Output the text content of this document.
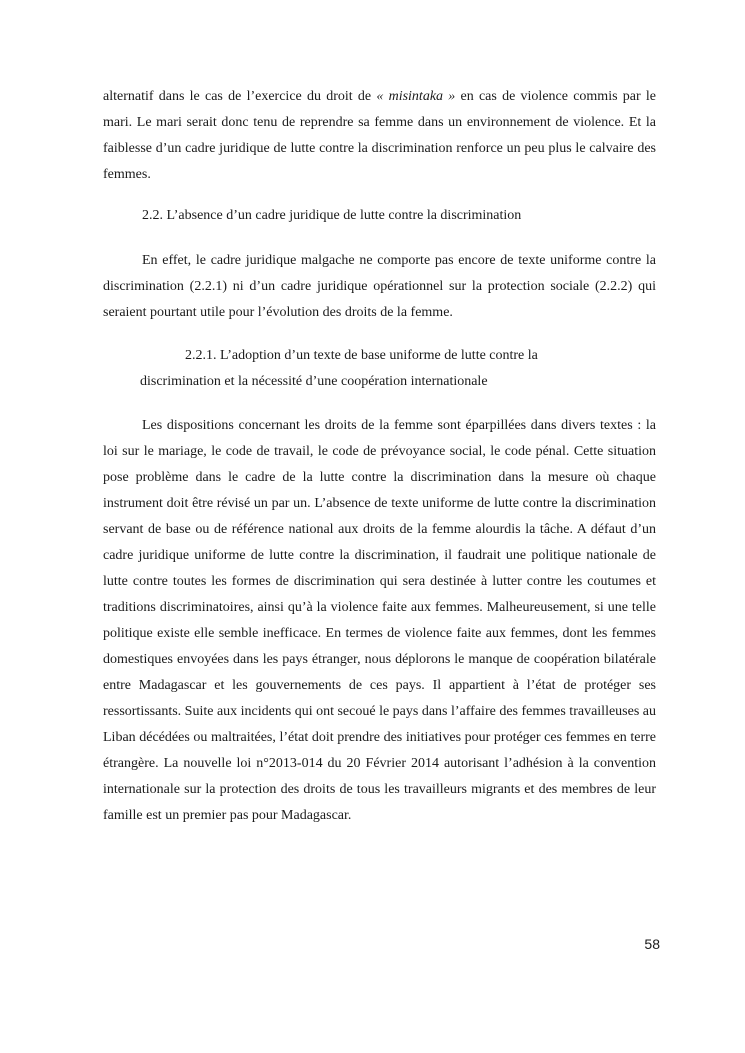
alternatif dans le cas de l’exercice du droit de « misintaka » en cas de violence commis par le mari. Le mari serait donc tenu de reprendre sa femme dans un environnement de violence. Et la faiblesse d’un cadre juridique de lutte contre la discrimination renforce un peu plus le calvaire des femmes.

2.2. L’absence d’un cadre juridique de lutte contre la discrimination

En effet, le cadre juridique malgache ne comporte pas encore de texte uniforme contre la discrimination (2.2.1) ni d’un cadre juridique opérationnel sur la protection sociale (2.2.2) qui seraient pourtant utile pour l’évolution des droits de la femme.

2.2.1. L’adoption d’un texte de base uniforme de lutte contre la
discrimination et la nécessité d’une coopération internationale

Les dispositions concernant les droits de la femme sont éparpillées dans divers textes : la loi sur le mariage, le code de travail, le code de prévoyance social, le code pénal. Cette situation pose problème dans le cadre de la lutte contre la discrimination dans la mesure où chaque instrument doit être révisé un par un. L’absence de texte uniforme de lutte contre la discrimination servant de base ou de référence national aux droits de la femme alourdis la tâche. A défaut d’un cadre juridique uniforme de lutte contre la discrimination, il faudrait une politique nationale de lutte contre toutes les formes de discrimination qui sera destinée à lutter contre les coutumes et traditions discriminatoires, ainsi qu’à la violence faite aux femmes. Malheureusement, si une telle politique existe elle semble inefficace. En termes de violence faite aux femmes, dont les femmes domestiques envoyées dans les pays étranger, nous déplorons le manque de coopération bilatérale entre Madagascar et les gouvernements de ces pays. Il appartient à l’état de protéger ses ressortissants. Suite aux incidents qui ont secoué le pays dans l’affaire des femmes travailleuses au Liban décédées ou maltraitées, l’état doit prendre des initiatives pour protéger ces femmes en terre étrangère. La nouvelle loi n°2013-014 du 20 Février 2014 autorisant l’adhésion à la convention internationale sur la protection des droits de tous les travailleurs migrants et des membres de leur famille est un premier pas pour Madagascar.

58
